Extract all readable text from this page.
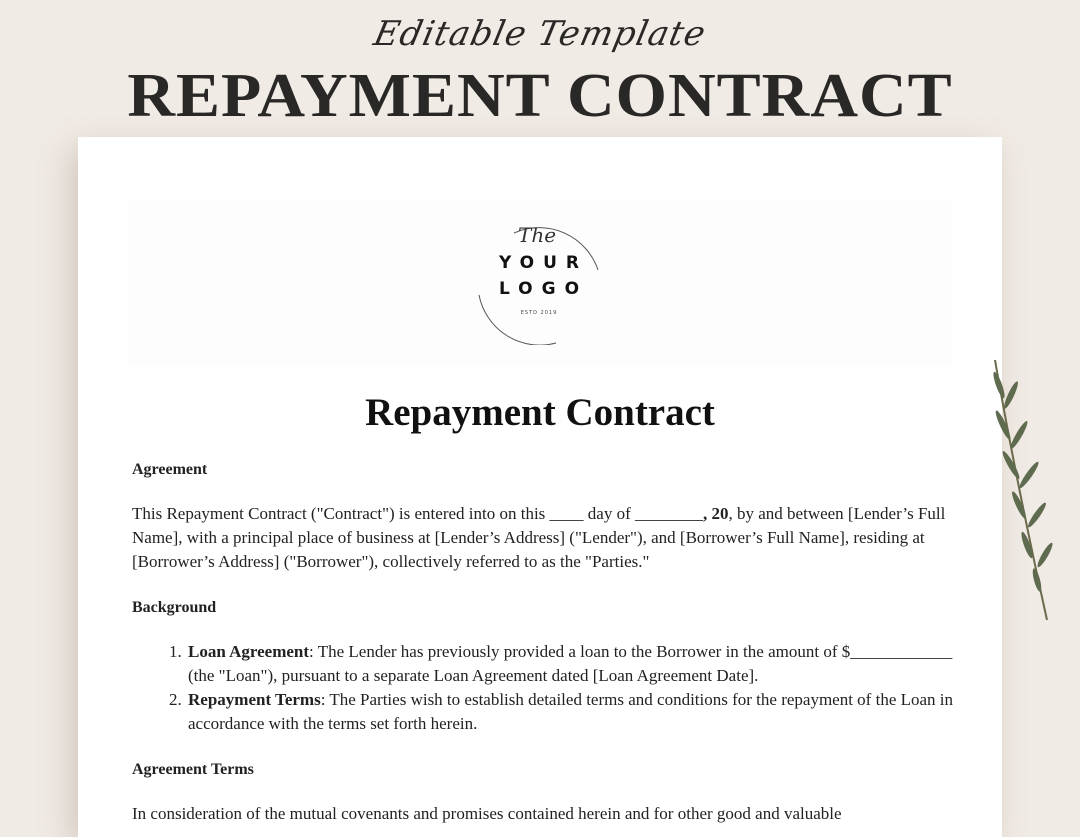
Editable Template
REPAYMENT CONTRACT
The
YOUR
LOGO
ESTD 2019
Repayment Contract
Agreement

This Repayment Contract ("Contract") is entered into on this ____ day of ________, 20, by and between [Lender’s Full Name], with a principal place of business at [Lender’s Address] ("Lender"), and [Borrower’s Full Name], residing at [Borrower’s Address] ("Borrower"), collectively referred to as the "Parties."

Background
1. Loan Agreement: The Lender has previously provided a loan to the Borrower in the amount of $____________ (the "Loan"), pursuant to a separate Loan Agreement dated [Loan Agreement Date].
2. Repayment Terms: The Parties wish to establish detailed terms and conditions for the repayment of the Loan in accordance with the terms set forth herein.
Agreement Terms

In consideration of the mutual covenants and promises contained herein and for other good and valuable
